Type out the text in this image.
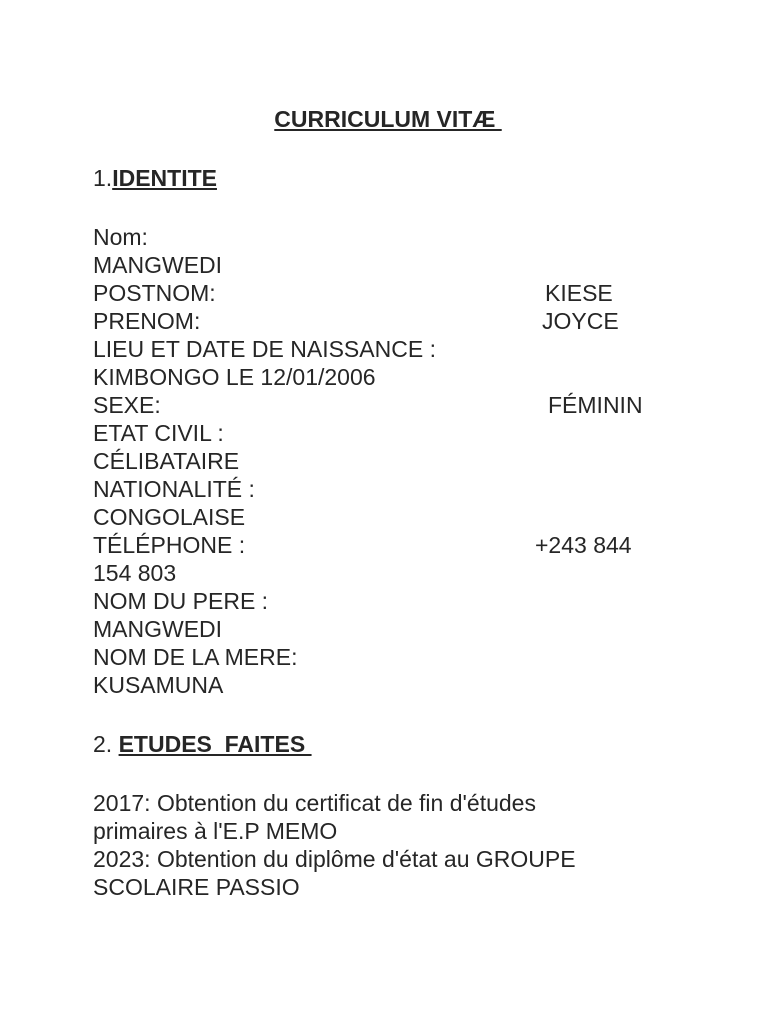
CURRICULUM VITÆ
1.IDENTITE
Nom:
MANGWEDI
POSTNOM:	KIESE
PRENOM:	JOYCE
LIEU ET DATE DE NAISSANCE :
KIMBONGO LE 12/01/2006
SEXE:	FÉMININ
ETAT CIVIL :
CÉLIBATAIRE
NATIONALITÉ :
CONGOLAISE
TÉLÉPHONE :	+243 844
154 803
NOM DU PERE :
MANGWEDI
NOM DE LA MERE:
KUSAMUNA
2. ETUDES  FAITES
2017: Obtention du certificat de fin d'études
primaires à l'E.P MEMO
2023: Obtention du diplôme d'état au GROUPE
SCOLAIRE PASSIO
